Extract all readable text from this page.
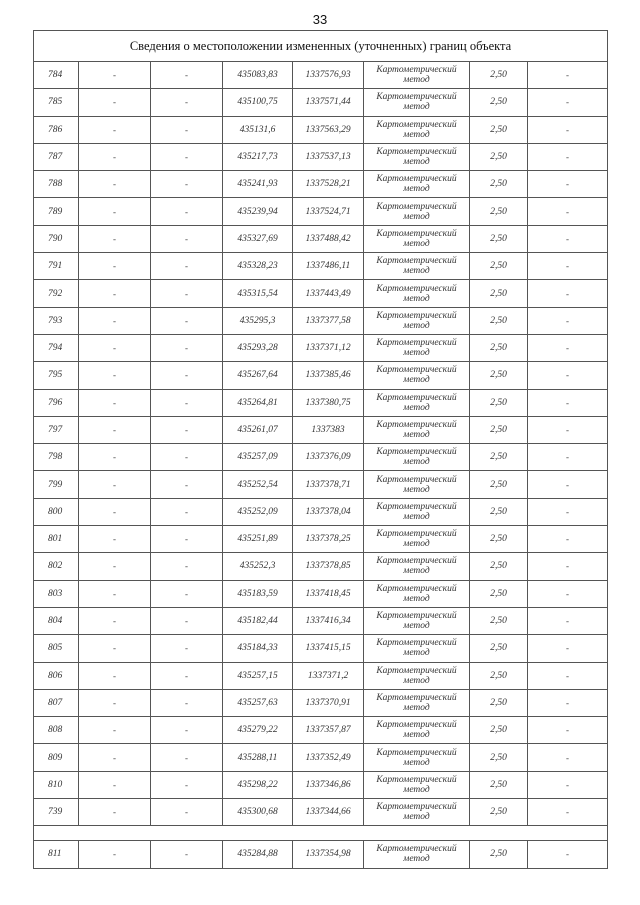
33
Сведения о местоположении измененных (уточненных) границ объекта							
784	-	-	435083,83	1337576,93	Картометрический
метод	2,50	-
785	-	-	435100,75	1337571,44	Картометрический
метод	2,50	-
786	-	-	435131,6	1337563,29	Картометрический
метод	2,50	-
787	-	-	435217,73	1337537,13	Картометрический
метод	2,50	-
788	-	-	435241,93	1337528,21	Картометрический
метод	2,50	-
789	-	-	435239,94	1337524,71	Картометрический
метод	2,50	-
790	-	-	435327,69	1337488,42	Картометрический
метод	2,50	-
791	-	-	435328,23	1337486,11	Картометрический
метод	2,50	-
792	-	-	435315,54	1337443,49	Картометрический
метод	2,50	-
793	-	-	435295,3	1337377,58	Картометрический
метод	2,50	-
794	-	-	435293,28	1337371,12	Картометрический
метод	2,50	-
795	-	-	435267,64	1337385,46	Картометрический
метод	2,50	-
796	-	-	435264,81	1337380,75	Картометрический
метод	2,50	-
797	-	-	435261,07	1337383	Картометрический
метод	2,50	-
798	-	-	435257,09	1337376,09	Картометрический
метод	2,50	-
799	-	-	435252,54	1337378,71	Картометрический
метод	2,50	-
800	-	-	435252,09	1337378,04	Картометрический
метод	2,50	-
801	-	-	435251,89	1337378,25	Картометрический
метод	2,50	-
802	-	-	435252,3	1337378,85	Картометрический
метод	2,50	-
803	-	-	435183,59	1337418,45	Картометрический
метод	2,50	-
804	-	-	435182,44	1337416,34	Картометрический
метод	2,50	-
805	-	-	435184,33	1337415,15	Картометрический
метод	2,50	-
806	-	-	435257,15	1337371,2	Картометрический
метод	2,50	-
807	-	-	435257,63	1337370,91	Картометрический
метод	2,50	-
808	-	-	435279,22	1337357,87	Картометрический
метод	2,50	-
809	-	-	435288,11	1337352,49	Картометрический
метод	2,50	-
810	-	-	435298,22	1337346,86	Картометрический
метод	2,50	-
739	-	-	435300,68	1337344,66	Картометрический
метод	2,50	-

811	-	-	435284,88	1337354,98	Картометрический
метод	2,50	-
